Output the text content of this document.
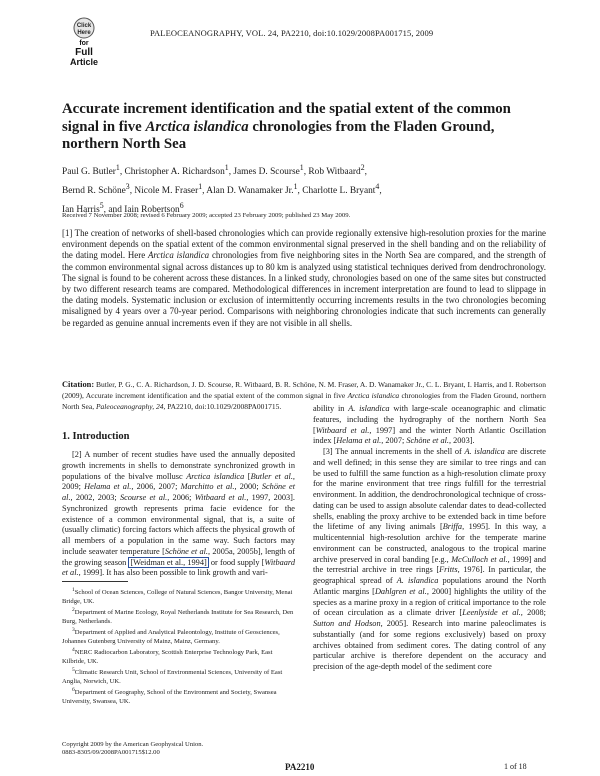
Click
Here
for
Full
Article
PALEOCEANOGRAPHY, VOL. 24, PA2210, doi:10.1029/2008PA001715, 2009
Accurate increment identification and the spatial extent of the common signal in five Arctica islandica chronologies from the Fladen Ground, northern North Sea
Paul G. Butler$^1$, Christopher A. Richardson$^1$, James D. Scourse$^1$, Rob Witbaard$^2$,
Bernd R. Schöne$^3$, Nicole M. Fraser$^1$, Alan D. Wanamaker Jr.$^1$, Charlotte L. Bryant$^4$,
Ian Harris$^5$, and Iain Robertson$^6$
Received 7 November 2008; revised 6 February 2009; accepted 23 February 2009; published 23 May 2009.
[1] The creation of networks of shell-based chronologies which can provide regionally extensive high-resolution proxies for the marine environment depends on the spatial extent of the common environmental signal preserved in the shell banding and on the reliability of the dating model. Here Arctica islandica chronologies from five neighboring sites in the North Sea are compared, and the strength of the common environmental signal across distances up to 80 km is analyzed using statistical techniques derived from dendrochronology. The signal is found to be coherent across these distances. In a linked study, chronologies based on one of the same sites but constructed by two different research teams are compared. Methodological differences in increment interpretation are found to lead to slippage in the dating models. Systematic inclusion or exclusion of intermittently occurring increments results in the two chronologies becoming misaligned by 4 years over a 70-year period. Comparisons with neighboring chronologies indicate that such increments can generally be regarded as genuine annual increments even if they are not visible in all shells.
Citation: Butler, P. G., C. A. Richardson, J. D. Scourse, R. Witbaard, B. R. Schöne, N. M. Fraser, A. D. Wanamaker Jr., C. L. Bryant, I. Harris, and I. Robertson (2009), Accurate increment identification and the spatial extent of the common signal in five Arctica islandica chronologies from the Fladen Ground, northern North Sea, Paleoceanography, 24, PA2210, doi:10.1029/2008PA001715.
1. Introduction

[2] A number of recent studies have used the annually deposited growth increments in shells to demonstrate synchronized growth in populations of the bivalve mollusc Arctica islandica [Butler et al., 2009; Helama et al., 2006, 2007; Marchitto et al., 2000; Schöne et al., 2002, 2003; Scourse et al., 2006; Witbaard et al., 1997, 2003]. Synchronized growth represents prima facie evidence for the existence of a common environmental signal, that is, a suite of (usually climatic) forcing factors which affects the physical growth of all members of a population in the same way. Such factors may include seawater temperature [Schöne et al., 2005a, 2005b], length of the growing season [Weidman et al., 1994] or food supply [Witbaard et al., 1999]. It has also been possible to link growth and vari-

ability in A. islandica with large-scale oceanographic and climatic features, including the hydrography of the northern North Sea [Witbaard et al., 1997] and the winter North Atlantic Oscillation index [Helama et al., 2007; Schöne et al., 2003].

[3] The annual increments in the shell of A. islandica are discrete and well defined; in this sense they are similar to tree rings and can be used to fulfill the same function as a high-resolution climate proxy for the marine environment that tree rings fulfill for the terrestrial environment. In addition, the dendrochronological technique of cross-dating can be used to assign absolute calendar dates to dead-collected shells, enabling the proxy archive to be extended back in time before the lifetime of any living animals [Briffa, 1995]. In this way, a multicentennial high-resolution archive for the temperate marine environment can be constructed, analogous to the tropical marine archive preserved in coral banding [e.g., McCulloch et al., 1999] and the terrestrial archive in tree rings [Fritts, 1976]. In particular, the geographical spread of A. islandica populations around the North Atlantic margins [Dahlgren et al., 2000] highlights the utility of the species as a marine proxy in a region of critical importance to the role of ocean circulation as a climate driver [Leenlyside et al., 2008; Sutton and Hodson, 2005]. Research into marine paleoclimates is substantially (and for some regions exclusively) based on proxy archives obtained from sediment cores. The dating control of any particular archive is therefore dependent on the accuracy and precision of the age-depth model of the sediment core

$^1$School of Ocean Sciences, College of Natural Sciences, Bangor University, Menai Bridge, UK.

$^2$Department of Marine Ecology, Royal Netherlands Institute for Sea Research, Den Burg, Netherlands.

$^3$Department of Applied and Analytical Paleontology, Institute of Geosciences, Johannes Gutenberg University of Mainz, Mainz, Germany.

$^4$NERC Radiocarbon Laboratory, Scottish Enterprise Technology Park, East Kilbride, UK.

$^5$Climatic Research Unit, School of Environmental Sciences, University of East Anglia, Norwich, UK.

$^6$Department of Geography, School of the Environment and Society, Swansea University, Swansea, UK.

Copyright 2009 by the American Geophysical Union.
0883-8305/09/2008PA001715$12.00
PA2210	1 of 18
